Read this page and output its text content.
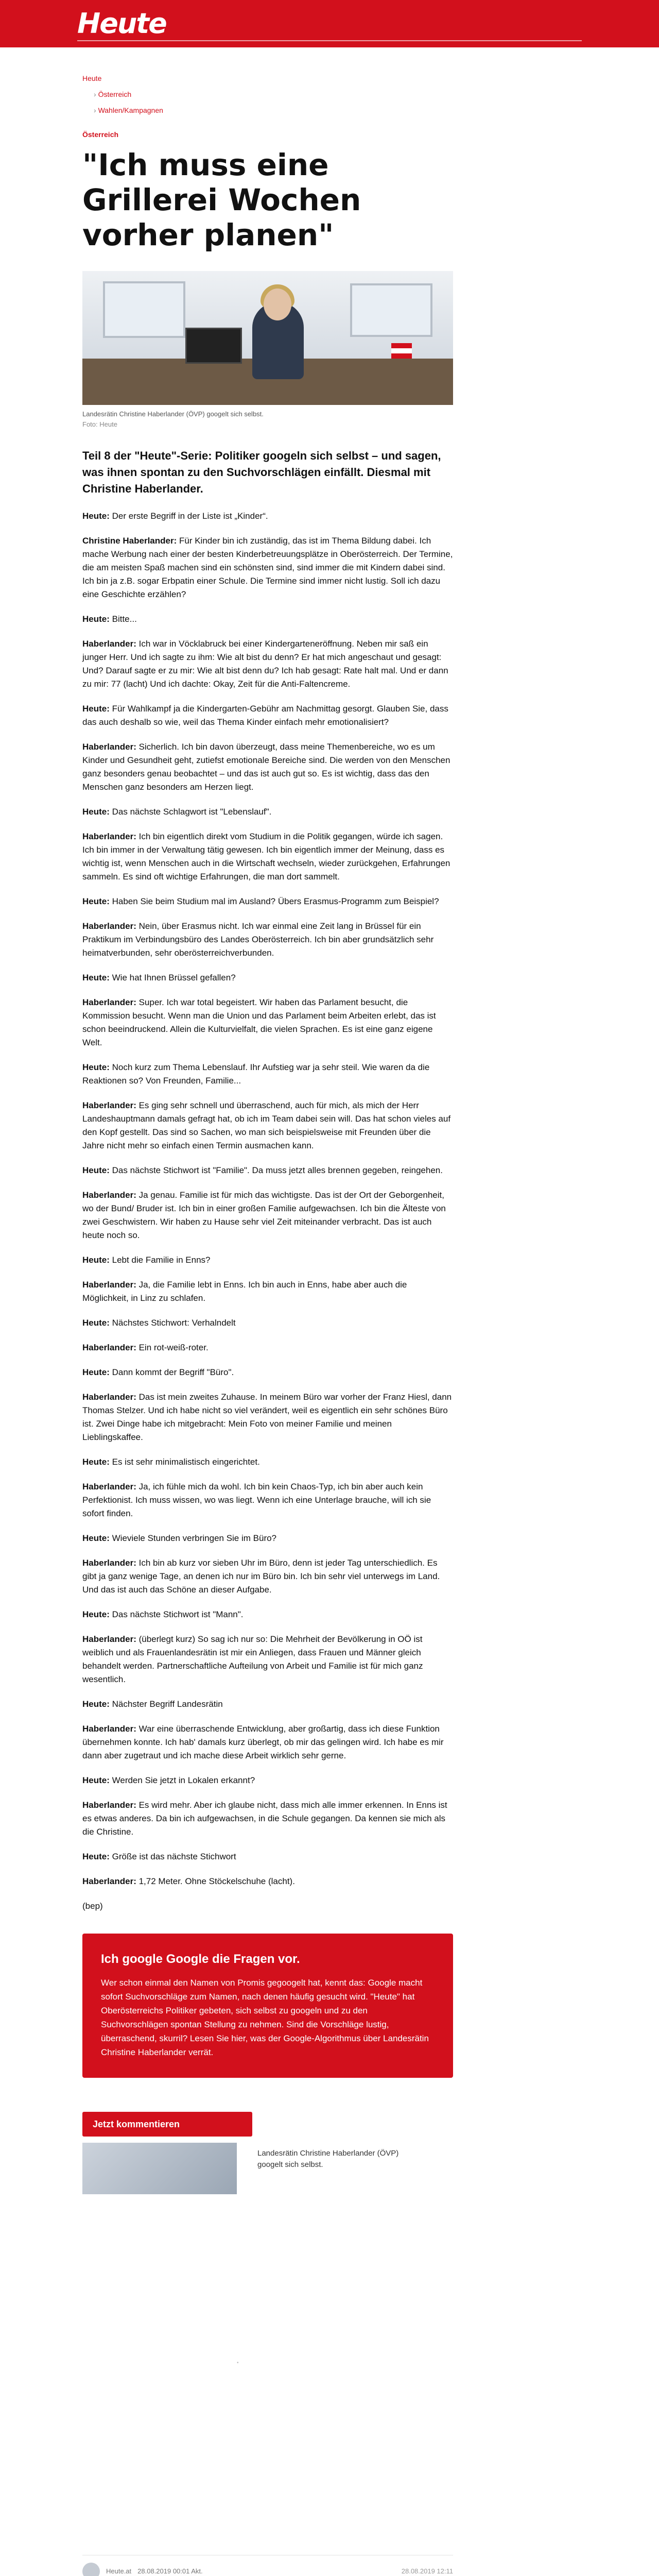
Heute
Heute
› Österreich
› Wahlen/Kampagnen
Österreich
"Ich muss eine Grillerei Wochen vorher planen"
Landesrätin Christine Haberlander (ÖVP) googelt sich selbst.
Foto: Heute

Teil 8 der "Heute"-Serie: Politiker googeln sich selbst – und sagen, was ihnen spontan zu den Suchvorschlägen einfällt. Diesmal mit Christine Haberlander.

Heute : Der erste Begriff in der Liste ist „Kinder“.

Christine Haberlander : Für Kinder bin ich zuständig, das ist im Thema Bildung dabei. Ich mache Werbung nach einer der besten Kinderbetreuungsplätze in Oberösterreich. Der Termine, die am meisten Spaß machen sind ein schönsten sind, sind immer die mit Kindern dabei sind. Ich bin ja z.B. sogar Erbpatin einer Schule. Die Termine sind immer nicht lustig. Soll ich dazu eine Geschichte erzählen?

Heute : Bitte...

Haberlander : Ich war in Vöcklabruck bei einer Kindergarteneröffnung. Neben mir saß ein junger Herr. Und ich sagte zu ihm: Wie alt bist du denn? Er hat mich angeschaut und gesagt: Und? Darauf sagte er zu mir: Wie alt bist denn du? Ich hab gesagt: Rate halt mal. Und er dann zu mir: 77 (lacht) Und ich dachte: Okay, Zeit für die Anti-Faltencreme.

Heute : Für Wahlkampf ja die Kindergarten-Gebühr am Nachmittag gesorgt. Glauben Sie, dass das auch deshalb so wie, weil das Thema Kinder einfach mehr emotionalisiert?

Haberlander : Sicherlich. Ich bin davon überzeugt, dass meine Themenbereiche, wo es um Kinder und Gesundheit geht, zutiefst emotionale Bereiche sind. Die werden von den Menschen ganz besonders genau beobachtet – und das ist auch gut so. Es ist wichtig, dass das den Menschen ganz besonders am Herzen liegt.

Heute : Das nächste Schlagwort ist "Lebenslauf".

Haberlander : Ich bin eigentlich direkt vom Studium in die Politik gegangen, würde ich sagen. Ich bin immer in der Verwaltung tätig gewesen. Ich bin eigentlich immer der Meinung, dass es wichtig ist, wenn Menschen auch in die Wirtschaft wechseln, wieder zurückgehen, Erfahrungen sammeln. Es sind oft wichtige Erfahrungen, die man dort sammelt.

Heute : Haben Sie beim Studium mal im Ausland? Übers Erasmus-Programm zum Beispiel?

Haberlander : Nein, über Erasmus nicht. Ich war einmal eine Zeit lang in Brüssel für ein Praktikum im Verbindungsbüro des Landes Oberösterreich. Ich bin aber grundsätzlich sehr heimatverbunden, sehr oberösterreichverbunden.

Heute : Wie hat Ihnen Brüssel gefallen?

Haberlander : Super. Ich war total begeistert. Wir haben das Parlament besucht, die Kommission besucht. Wenn man die Union und das Parlament beim Arbeiten erlebt, das ist schon beeindruckend. Allein die Kulturvielfalt, die vielen Sprachen. Es ist eine ganz eigene Welt.

Heute : Noch kurz zum Thema Lebenslauf. Ihr Aufstieg war ja sehr steil. Wie waren da die Reaktionen so? Von Freunden, Familie...

Haberlander : Es ging sehr schnell und überraschend, auch für mich, als mich der Herr Landeshauptmann damals gefragt hat, ob ich im Team dabei sein will. Das hat schon vieles auf den Kopf gestellt. Das sind so Sachen, wo man sich beispielsweise mit Freunden über die Jahre nicht mehr so einfach einen Termin ausmachen kann.

Heute : Das nächste Stichwort ist "Familie". Da muss jetzt alles brennen gegeben, reingehen.

Haberlander : Ja genau. Familie ist für mich das wichtigste. Das ist der Ort der Geborgenheit, wo der Bund/ Bruder ist. Ich bin in einer großen Familie aufgewachsen. Ich bin die Älteste von zwei Geschwistern. Wir haben zu Hause sehr viel Zeit miteinander verbracht. Das ist auch heute noch so.

Heute : Lebt die Familie in Enns?

Haberlander : Ja, die Familie lebt in Enns. Ich bin auch in Enns, habe aber auch die Möglichkeit, in Linz zu schlafen.

Heute : Nächstes Stichwort: Verhalndelt

Haberlander : Ein rot-weiß-roter.

Heute : Dann kommt der Begriff "Büro".

Haberlander : Das ist mein zweites Zuhause. In meinem Büro war vorher der Franz Hiesl, dann Thomas Stelzer. Und ich habe nicht so viel verändert, weil es eigentlich ein sehr schönes Büro ist. Zwei Dinge habe ich mitgebracht: Mein Foto von meiner Familie und meinen Lieblingskaffee.

Heute : Es ist sehr minimalistisch eingerichtet.

Haberlander : Ja, ich fühle mich da wohl. Ich bin kein Chaos-Typ, ich bin aber auch kein Perfektionist. Ich muss wissen, wo was liegt. Wenn ich eine Unterlage brauche, will ich sie sofort finden.

Heute : Wieviele Stunden verbringen Sie im Büro?

Haberlander : Ich bin ab kurz vor sieben Uhr im Büro, denn ist jeder Tag unterschiedlich. Es gibt ja ganz wenige Tage, an denen ich nur im Büro bin. Ich bin sehr viel unterwegs im Land. Und das ist auch das Schöne an dieser Aufgabe.

Heute : Das nächste Stichwort ist "Mann".

Haberlander : (überlegt kurz) So sag ich nur so: Die Mehrheit der Bevölkerung in OÖ ist weiblich und als Frauenlandesrätin ist mir ein Anliegen, dass Frauen und Männer gleich behandelt werden. Partnerschaftliche Aufteilung von Arbeit und Familie ist für mich ganz wesentlich.

Heute : Nächster Begriff Landesrätin

Haberlander : War eine überraschende Entwicklung, aber großartig, dass ich diese Funktion übernehmen konnte. Ich hab' damals kurz überlegt, ob mir das gelingen wird. Ich habe es mir dann aber zugetraut und ich mache diese Arbeit wirklich sehr gerne.

Heute : Werden Sie jetzt in Lokalen erkannt?

Haberlander : Es wird mehr. Aber ich glaube nicht, dass mich alle immer erkennen. In Enns ist es etwas anderes. Da bin ich aufgewachsen, in die Schule gegangen. Da kennen sie mich als die Christine.

Heute : Größe ist das nächste Stichwort

Haberlander : 1,72 Meter. Ohne Stöckelschuhe (lacht).

(bep)

Ich google Google die Fragen vor.
Wer schon einmal den Namen von Promis gegoogelt hat, kennt das: Google macht sofort Suchvorschläge zum Namen, nach denen häufig gesucht wird. "Heute" hat Oberösterreichs Politiker gebeten, sich selbst zu googeln und zu den Suchvorschlägen spontan Stellung zu nehmen. Sind die Vorschläge lustig, überraschend, skurril? Lesen Sie hier, was der Google-Algorithmus über Landesrätin Christine Haberlander verrät.
Jetzt kommentieren
Landesrätin Christine Haberlander (ÖVP) googelt sich selbst.
•
Heute.at 28.08.2019 00:01 Akt.	28.08.2019 12:11
